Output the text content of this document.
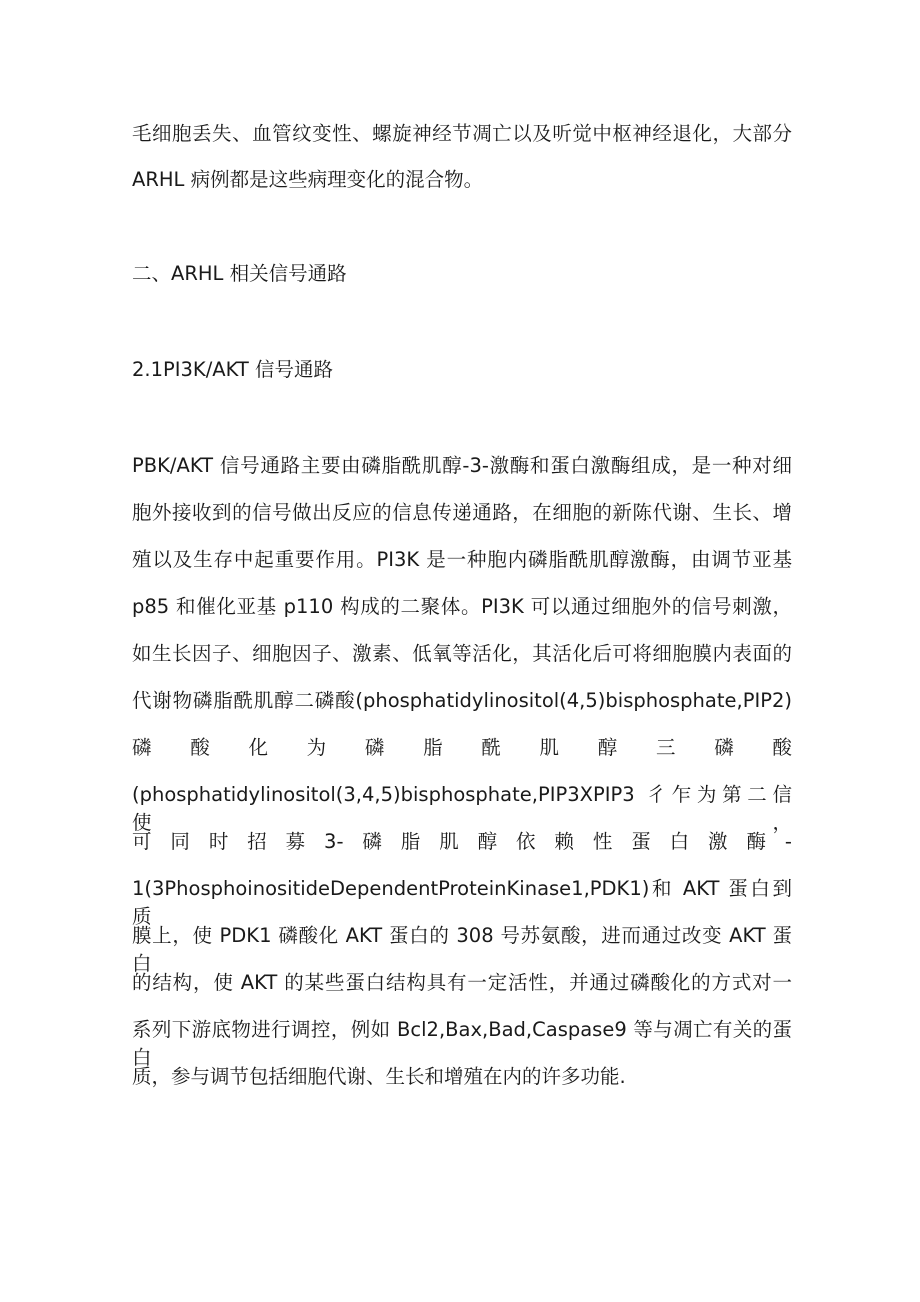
毛细胞丢失、血管纹变性、螺旋神经节凋亡以及听觉中枢神经退化，大部分
ARHL 病例都是这些病理变化的混合物。
二、ARHL 相关信号通路
2.1PI3K/AKT 信号通路
PBK/AKT 信号通路主要由磷脂酰肌醇-3-激酶和蛋白激酶组成，是一种对细
胞外接收到的信号做出反应的信息传递通路，在细胞的新陈代谢、生长、增
殖以及生存中起重要作用。PI3K 是一种胞内磷脂酰肌醇激酶，由调节亚基
p85 和催化亚基 p110 构成的二聚体。PI3K 可以通过细胞外的信号刺激，
如生长因子、细胞因子、激素、低氧等活化，其活化后可将细胞膜内表面的
代谢物磷脂酰肌醇二磷酸(phosphatidylinositol(4,5)bisphosphate,PIP2)
磷 酸 化 为 磷 脂 酰 肌 醇 三 磷 酸
(phosphatidylinositol(3,4,5)bisphosphate,PIP3XPIP3 彳乍为第二信使，
可 同 时 招 募 3- 磷 脂 肌 醇 依 赖 性 蛋 白 激 酶 -
1(3PhosphoinositideDependentProteinKinase1,PDK1)和 AKT 蛋白到质
膜上，使 PDK1 磷酸化 AKT 蛋白的 308 号苏氨酸，进而通过改变 AKT 蛋白
的结构，使 AKT 的某些蛋白结构具有一定活性，并通过磷酸化的方式对一
系列下游底物进行调控，例如 Bcl2,Bax,Bad,Caspase9 等与凋亡有关的蛋白
质，参与调节包括细胞代谢、生长和增殖在内的许多功能.
